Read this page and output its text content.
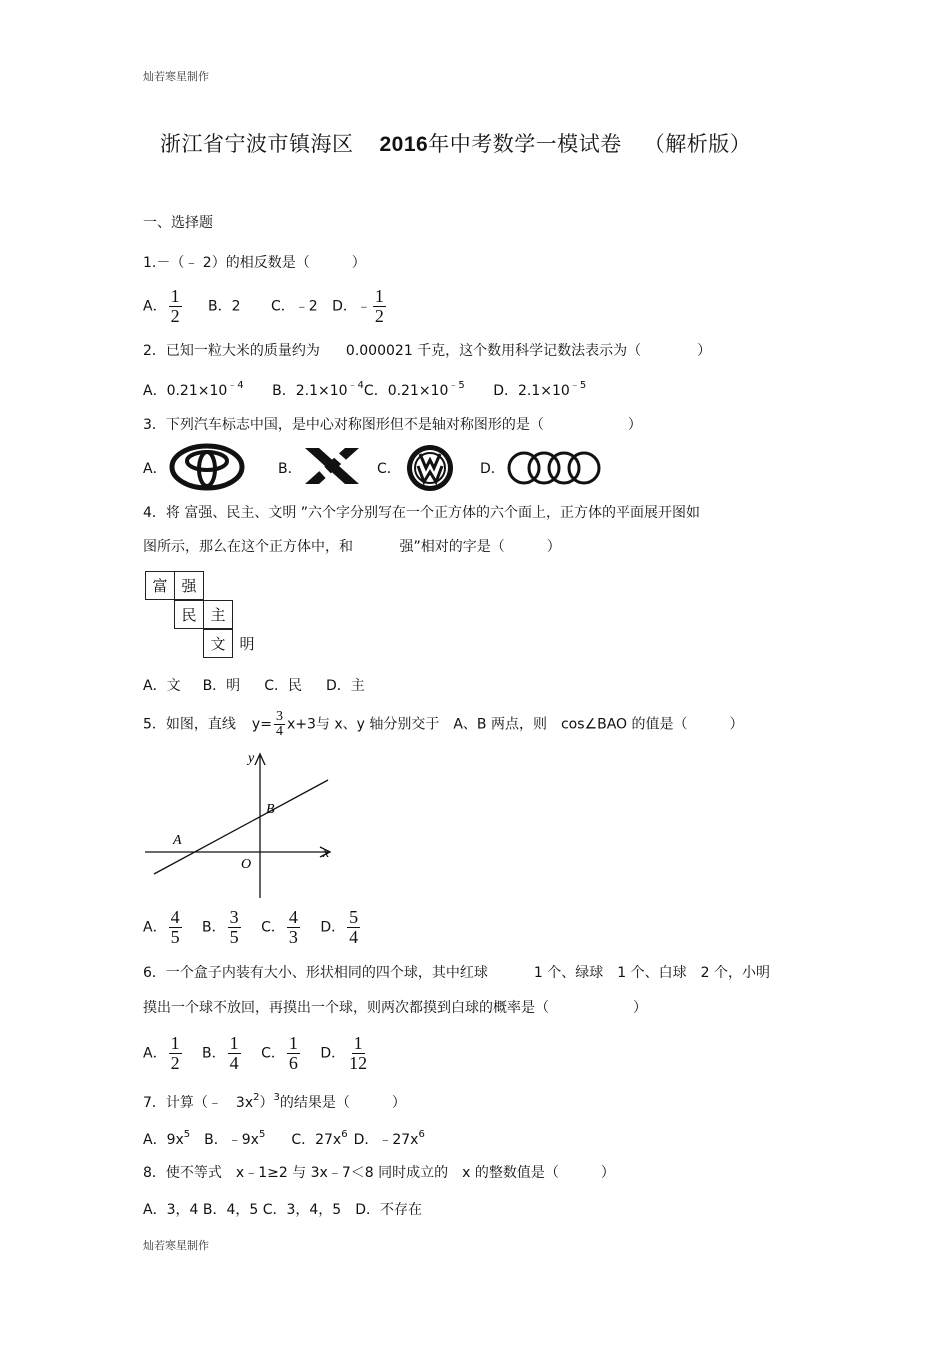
灿若寒星制作
浙江省宁波市镇海区 2016年中考数学一模试卷 （解析版）
一、选择题
1.－（﹣ 2）的相反数是（　　　）
A． $\frac{1}{2}$ B．2 C．﹣2 D．﹣ $\frac{1}{2}$
2．已知一粒大米的质量约为 0.000021 千克，这个数用科学记数法表示为（　　　　）
A．$0.21\times 10^{﹣4}$ B．$2.1\times 10^{﹣4}C$．$0.21\times 10^{﹣5}$ D．$2.1\times 10^{﹣5}$
3．下列汽车标志中国，是中心对称图形但不是轴对称图形的是（　　　　　　）
A．	B．	C．	D．
4．将 富强、民主、文明 ”六个字分别写在一个正方体的六个面上，正方体的平面展开图如
图所示，那么在这个正方体中，和　　　 强”相对的字是（　　　）
富 强
民 主
文 明
A．文 B．明 C．民 D．主
5．如图，直线 $y= \frac{3}{4} x+3$与 x、y 轴分别交于　A、B 两点，则　cos∠BAO 的值是（　　　）
y
x
A
B
O
A． $\frac{4}{5}$ B． $\frac{3}{5}$ C． $\frac{4}{3}$ D． $\frac{5}{4}$
6．一个盒子内装有大小、形状相同的四个球，其中红球	1 个、绿球　1 个、白球　2 个，小明
摸出一个球不放回，再摸出一个球，则两次都摸到白球的概率是（　　　　　　）
A． $\frac{1}{2}$ B． $\frac{1}{4}$ C． $\frac{1}{6}$ D． $\frac{1}{12}$
7．计算（﹣　$3x^2)^3$的结果是（　　　）
A．$9x^5$ B．$﹣9x^5$ C．$27x^6$ D．$﹣27x^6$
8．使不等式　x﹣1≥2 与 3x﹣7＜8 同时成立的　x 的整数值是（　　　）
A．3，4 B．4，5 C．3，4，5　D．不存在
灿若寒星制作
